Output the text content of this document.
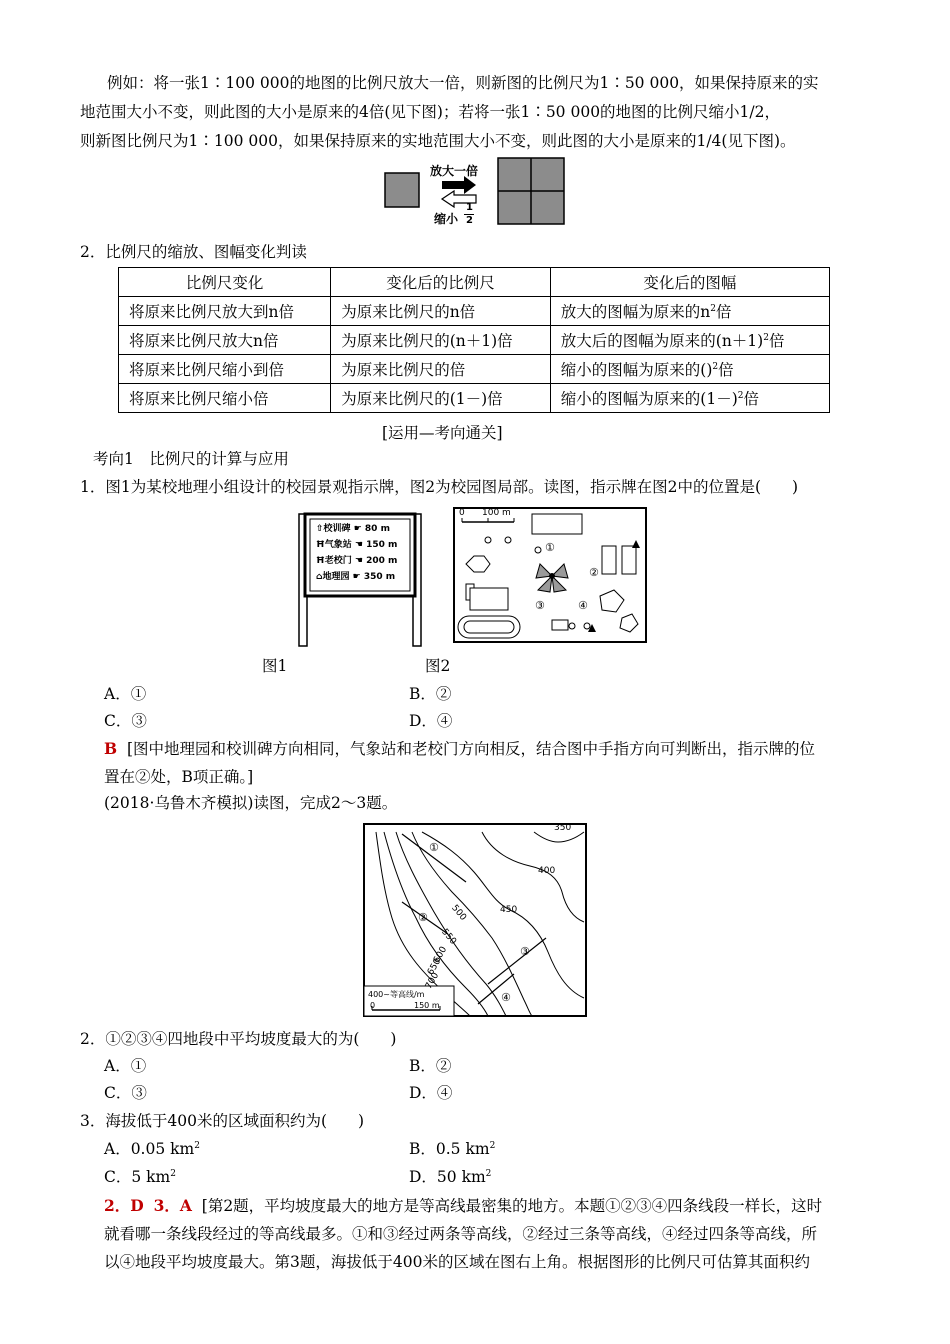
例如：将一张1∶100 000的地图的比例尺放大一倍，则新图的比例尺为1∶50 000，如果保持原来的实
地范围大小不变，则此图的大小是原来的4倍(见下图)；若将一张1∶50 000的地图的比例尺缩小1/2，
则新图比例尺为1∶100 000，如果保持原来的实地范围大小不变，则此图的大小是原来的1/4(见下图)。
放大一倍
缩小
1
2
2．比例尺的缩放、图幅变化判读
比例尺变化	变化后的比例尺	变化后的图幅
将原来比例尺放大到n倍	为原来比例尺的n倍	放大的图幅为原来的$n^2$倍
将原来比例尺放大n倍	为原来比例尺的(n＋1)倍	放大后的图幅为原来的$(n+1)^2$倍
将原来比例尺缩小到倍	为原来比例尺的倍	缩小的图幅为原来的()$^2$倍
将原来比例尺缩小倍	为原来比例尺的(1－)倍	缩小的图幅为原来的$(1-)^2$倍
[运用—考向通关]
考向1　比例尺的计算与应用
1．图1为某校地理小组设计的校园景观指示牌，图2为校园图局部。读图，指示牌在图2中的位置是(　　)
⇧校训碑 ☛ 80 m
Ħ气象站 ☚ 150 m
Ħ老校门 ☚ 200 m
⌂地理园 ☛ 350 m
0 100 m
①
②
③	④
图1	图2
A．①	B．②
C．③	D．④
B [图中地理园和校训碑方向相同，气象站和老校门方向相反，结合图中手指方向可判断出，指示牌的位
置在②处，B项正确。]
(2018·乌鲁木齐模拟)读图，完成2～3题。
350
400
450
500
550
600
650
700
①
②
③
④
400~等高线/m
0	150 m
2．①②③④四地段中平均坡度最大的为(　　)
A．①	B．②
C．③	D．④
3．海拔低于400米的区域面积约为(　　)
A．0.05 $km^2$	B．0.5 $km^2$
C．5 $km^2$	D．50 $km^2$
2．D 3．A [第2题，平均坡度最大的地方是等高线最密集的地方。本题①②③④四条线段一样长，这时
就看哪一条线段经过的等高线最多。①和③经过两条等高线，②经过三条等高线，④经过四条等高线，所
以④地段平均坡度最大。第3题，海拔低于400米的区域在图右上角。根据图形的比例尺可估算其面积约
